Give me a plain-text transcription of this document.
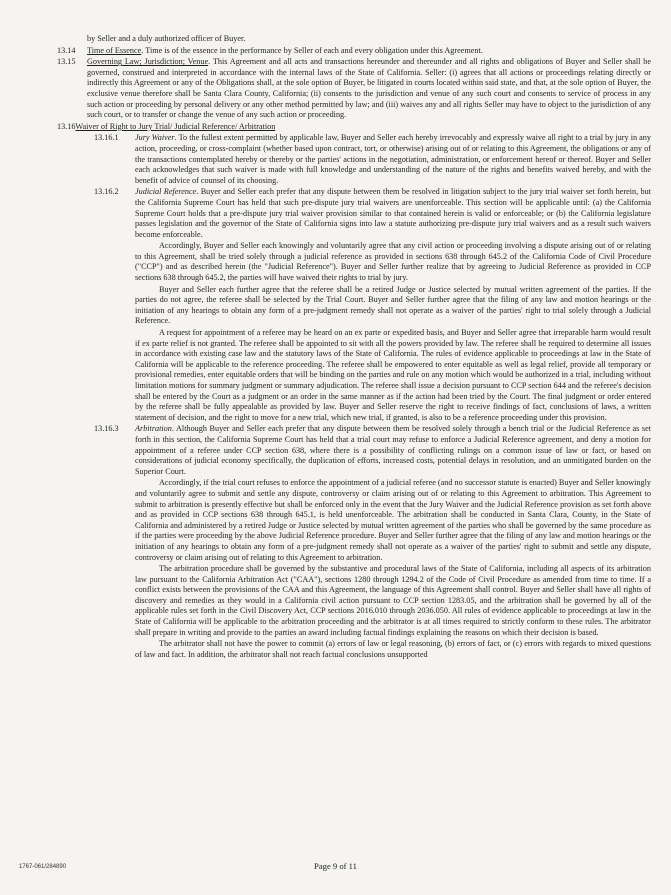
by Seller and a duly authorized officer of Buyer.

13.14 Time of Essence. Time is of the essence in the performance by Seller of each and every obligation under this Agreement.

13.15 Governing Law; Jurisdiction; Venue. This Agreement and all acts and transactions hereunder and thereunder and all rights and obligations of Buyer and Seller shall be governed, construed and interpreted in accordance with the internal laws of the State of California. Seller: (i) agrees that all actions or proceedings relating directly or indirectly this Agreement or any of the Obligations shall, at the sole option of Buyer, be litigated in courts located within said state, and that, at the sole option of Buyer, the exclusive venue therefore shall be Santa Clara County, California; (ii) consents to the jurisdiction and venue of any such court and consents to service of process in any such action or proceeding by personal delivery or any other method permitted by law; and (iii) waives any and all rights Seller may have to object to the jurisdiction of any such court, or to transfer or change the venue of any such action or proceeding.

13.16Waiver of Right to Jury Trial/ Judicial Reference/ Arbitration
13.16.1 Jury Waiver. To the fullest extent permitted by applicable law, Buyer and Seller each hereby irrevocably and expressly waive all right to a trial by jury in any action, proceeding, or cross-complaint (whether based upon contract, tort, or otherwise) arising out of or relating to this Agreement, the obligations or any of the transactions contemplated hereby or thereby or the parties' actions in the negotiation, administration, or enforcement hereof or thereof. Buyer and Seller each acknowledges that such waiver is made with full knowledge and understanding of the nature of the rights and benefits waived hereby, and with the benefit of advice of counsel of its choosing.

13.16.2 Judicial Reference. Buyer and Seller each prefer that any dispute between them be resolved in litigation subject to the jury trial waiver set forth herein, but the California Supreme Court has held that such pre-dispute jury trial waivers are unenforceable. This section will be applicable until: (a) the California Supreme Court holds that a pre-dispute jury trial waiver provision similar to that contained herein is valid or enforceable; or (b) the California legislature passes legislation and the governor of the State of California signs into law a statute authorizing pre-dispute jury trial waivers and as a result such waivers become enforceable.

Accordingly, Buyer and Seller each knowingly and voluntarily agree that any civil action or proceeding involving a dispute arising out of or relating to this Agreement, shall be tried solely through a judicial reference as provided in sections 638 through 645.2 of the California Code of Civil Procedure ("CCP") and as described herein (the "Judicial Reference"). Buyer and Seller further realize that by agreeing to Judicial Reference as provided in CCP sections 638 through 645.2, the parties will have waived their rights to trial by jury.

Buyer and Seller each further agree that the referee shall be a retired Judge or Justice selected by mutual written agreement of the parties. If the parties do not agree, the referee shall be selected by the Trial Court. Buyer and Seller further agree that the filing of any law and motion hearings or the initiation of any hearings to obtain any form of a pre-judgment remedy shall not operate as a waiver of the parties' right to trial solely through a Judicial Reference.

A request for appointment of a referee may be heard on an ex parte or expedited basis, and Buyer and Seller agree that irreparable harm would result if ex parte relief is not granted. The referee shall be appointed to sit with all the powers provided by law. The referee shall be required to determine all issues in accordance with existing case law and the statutory laws of the State of California. The rules of evidence applicable to proceedings at law in the State of California will be applicable to the reference proceeding. The referee shall be empowered to enter equitable as well as legal relief, provide all temporary or provisional remedies, enter equitable orders that will be binding on the parties and rule on any motion which would be authorized in a trial, including without limitation motions for summary judgment or summary adjudication. The referee shall issue a decision pursuant to CCP section 644 and the referee's decision shall be entered by the Court as a judgment or an order in the same manner as if the action had been tried by the Court. The final judgment or order entered by the referee shall be fully appealable as provided by law. Buyer and Seller reserve the right to receive findings of fact, conclusions of laws, a written statement of decision, and the right to move for a new trial, which new trial, if granted, is also to be a reference proceeding under this provision.

13.16.3 Arbitration. Although Buyer and Seller each prefer that any dispute between them be resolved solely through a bench trial or the Judicial Reference as set forth in this section, the California Supreme Court has held that a trial court may refuse to enforce a Judicial Reference agreement, and deny a motion for appointment of a referee under CCP section 638, where there is a possibility of conflicting rulings on a common issue of law or fact, or based on considerations of judicial economy specifically, the duplication of efforts, increased costs, potential delays in resolution, and an unmitigated burden on the Superior Court.

Accordingly, if the trial court refuses to enforce the appointment of a judicial referee (and no successor statute is enacted) Buyer and Seller knowingly and voluntarily agree to submit and settle any dispute, controversy or claim arising out of or relating to this Agreement to arbitration. This Agreement to submit to arbitration is presently effective but shall be enforced only in the event that the Jury Waiver and the Judicial Reference provision as set forth above and as provided in CCP sections 638 through 645.1, is held unenforceable. The arbitration shall be conducted in Santa Clara, County, in the State of California and administered by a retired Judge or Justice selected by mutual written agreement of the parties who shall be governed by the same procedure as if the parties were proceeding by the above Judicial Reference procedure. Buyer and Seller further agree that the filing of any law and motion hearings or the initiation of any hearings to obtain any form of a pre-judgment remedy shall not operate as a waiver of the parties' right to submit and settle any dispute, controversy or claim arising out of relating to this Agreement to arbitration.

The arbitration procedure shall be governed by the substantive and procedural laws of the State of California, including all aspects of its arbitration law pursuant to the California Arbitration Act ("CAA"), sections 1280 through 1294.2 of the Code of Civil Procedure as amended from time to time. If a conflict exists between the provisions of the CAA and this Agreement, the language of this Agreement shall control. Buyer and Seller shall have all rights of discovery and remedies as they would in a California civil action pursuant to CCP section 1283.05, and the arbitration shall be governed by all of the applicable rules set forth in the Civil Discovery Act, CCP sections 2016.010 through 2036.050. All rules of evidence applicable to proceedings at law in the State of California will be applicable to the arbitration proceeding and the arbitrator is at all times required to strictly conform to these rules. The arbitrator shall prepare in writing and provide to the parties an award including factual findings explaining the reasons on which their decision is based.

The arbitrator shall not have the power to commit (a) errors of law or legal reasoning, (b) errors of fact, or (c) errors with regards to mixed questions of law and fact. In addition, the arbitrator shall not reach factual conclusions unsupported

1767-061/284890	Page 9 of 11
